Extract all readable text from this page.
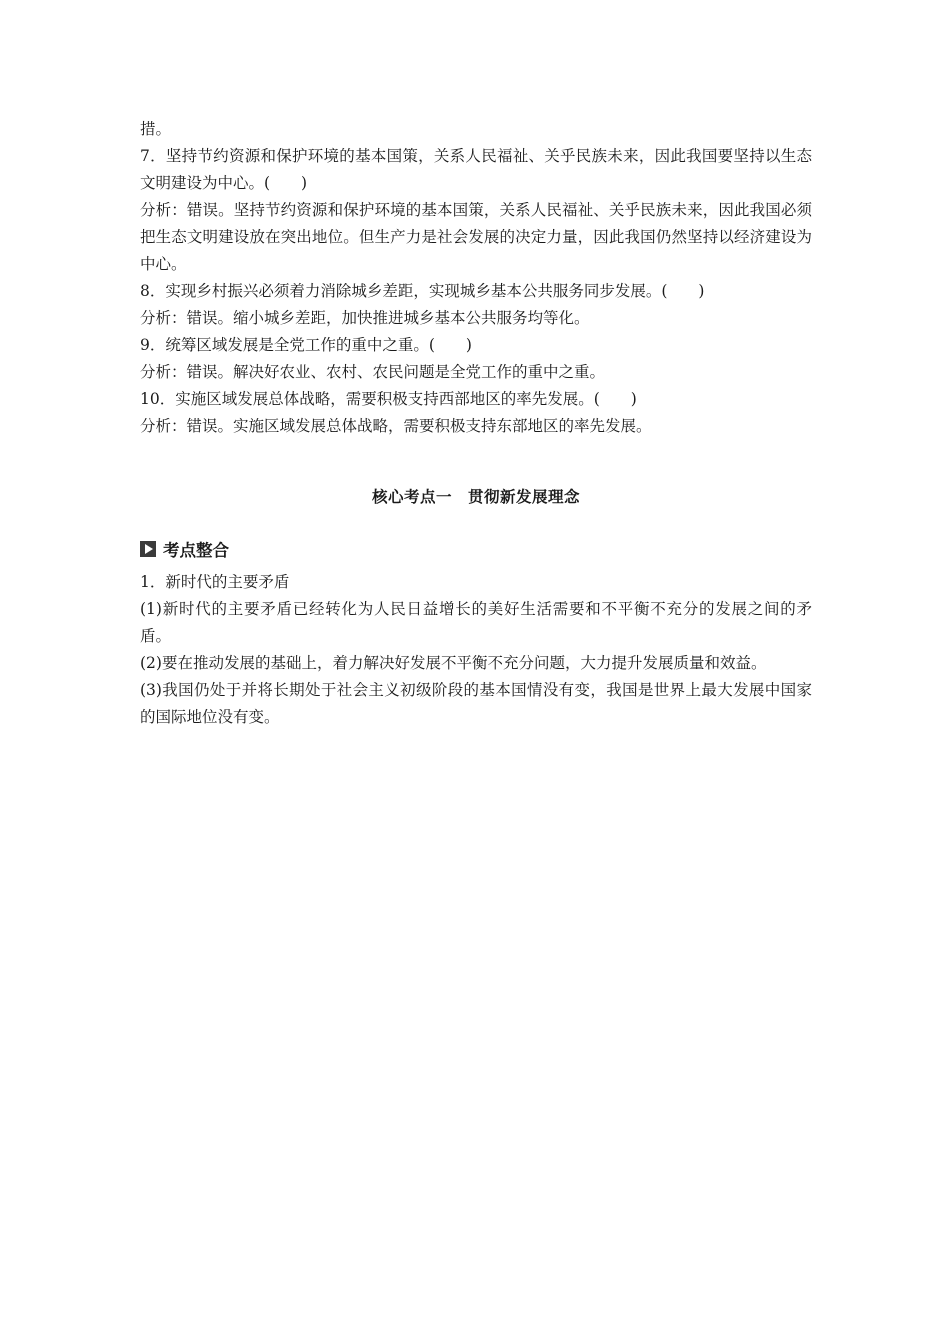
措。

7．坚持节约资源和保护环境的基本国策，关系人民福祉、关乎民族未来，因此我国要坚持以生态文明建设为中心。(　　)

分析：错误。坚持节约资源和保护环境的基本国策，关系人民福祉、关乎民族未来，因此我国必须把生态文明建设放在突出地位。但生产力是社会发展的决定力量，因此我国仍然坚持以经济建设为中心。

8．实现乡村振兴必须着力消除城乡差距，实现城乡基本公共服务同步发展。(　　)

分析：错误。缩小城乡差距，加快推进城乡基本公共服务均等化。

9．统筹区域发展是全党工作的重中之重。(　　)

分析：错误。解决好农业、农村、农民问题是全党工作的重中之重。

10．实施区域发展总体战略，需要积极支持西部地区的率先发展。(　　)

分析：错误。实施区域发展总体战略，需要积极支持东部地区的率先发展。

核心考点一　贯彻新发展理念
考点整合

1．新时代的主要矛盾

(1)新时代的主要矛盾已经转化为人民日益增长的美好生活需要和不平衡不充分的发展之间的矛盾。

(2)要在推动发展的基础上，着力解决好发展不平衡不充分问题，大力提升发展质量和效益。

(3)我国仍处于并将长期处于社会主义初级阶段的基本国情没有变，我国是世界上最大发展中国家的国际地位没有变。
